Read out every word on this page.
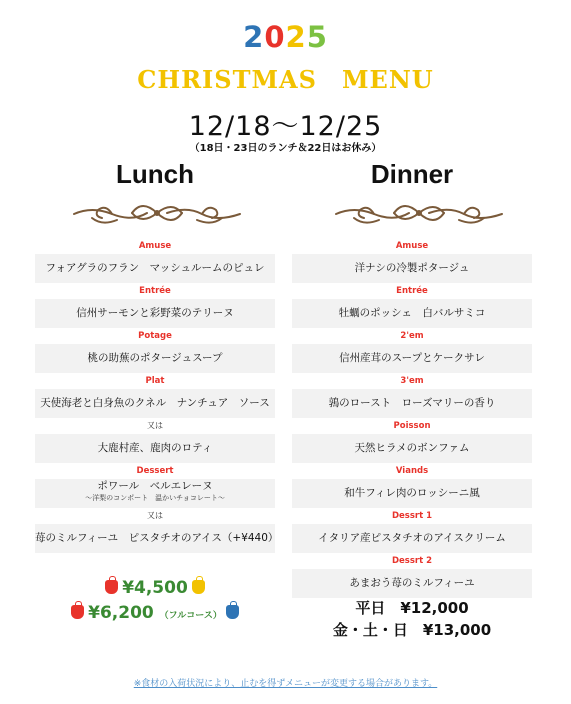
2025
CHRISTMAS　MENU
12/18〜12/25
（18日・23日のランチ＆22日はお休み）
Lunch	Dinner
Amuse
フォアグラのフラン　マッシュルームのピュレ
Entrée
信州サーモンと彩野菜のテリーヌ
Potage
桃の助蕪のポタージュスープ
Plat
天使海老と白身魚のクネル　ナンチュア　ソース
又は
大鹿村産、鹿肉のロティ
Dessert
ポワール　ベルエレーヌ
〜洋梨のコンポート　温かいチョコレート〜
又は
苺のミルフィーユ　ピスタチオのアイス（+¥440）
Amuse
洋ナシの冷製ポタージュ
Entrée
牡蠣のポッシェ　白バルサミコ
2'em
信州産茸のスープとケークサレ
3'em
鶉のロースト　ローズマリーの香り
Poisson
天然ヒラメのボンファム
Viands
和牛フィレ肉のロッシーニ風
Dessrt 1
イタリア産ピスタチオのアイスクリーム
Dessrt 2
あまおう苺のミルフィーユ
¥4,500
¥6,200 （フルコース）	平日　¥12,000
金・土・日　¥13,000
※食材の入荷状況により、止むを得ずメニューが変更する場合があります。
